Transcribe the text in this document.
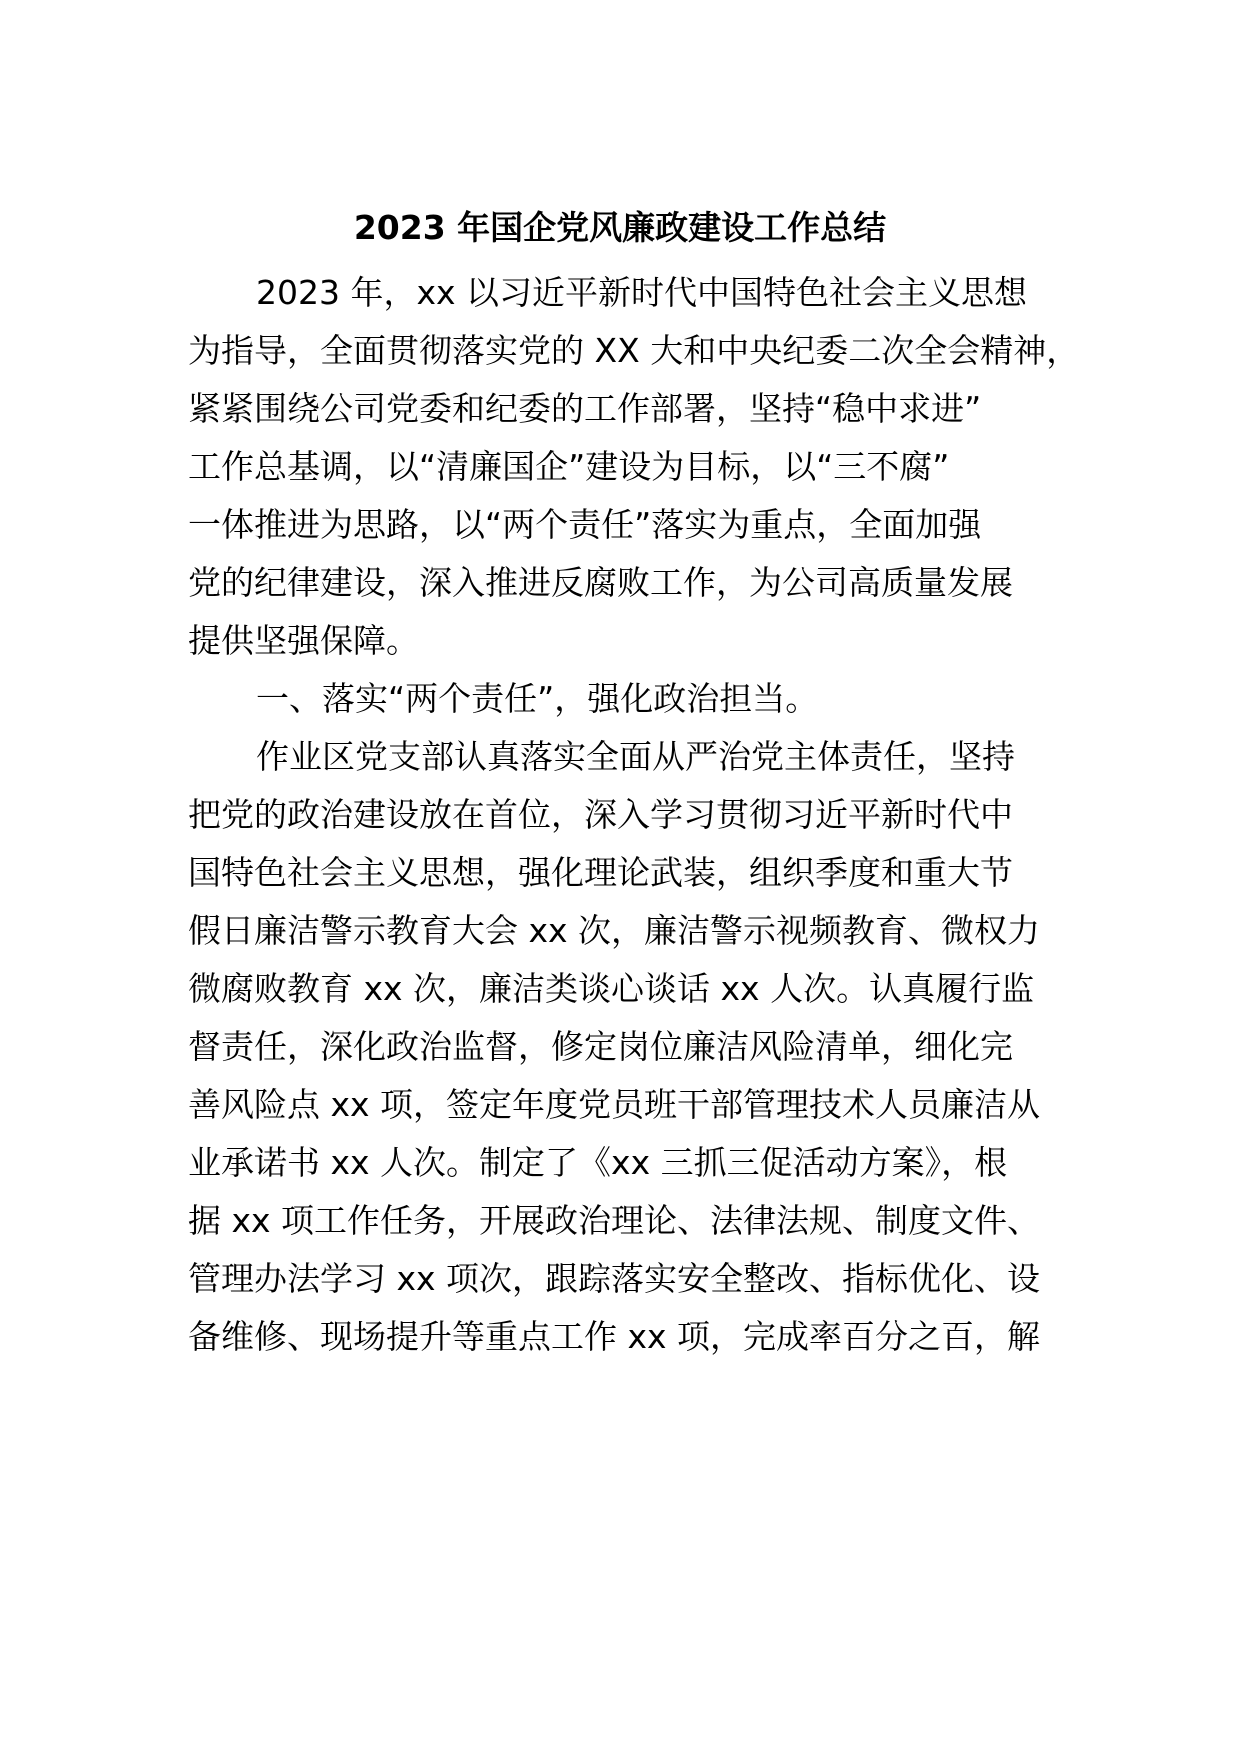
2023 年国企党风廉政建设工作总结

2023 年，xx 以习近平新时代中国特色社会主义思想

为指导，全面贯彻落实党的 XX 大和中央纪委二次全会精神，

紧紧围绕公司党委和纪委的工作部署，坚持“稳中求进”

工作总基调，以“清廉国企”建设为目标，以“三不腐”

一体推进为思路，以“两个责任”落实为重点，全面加强

党的纪律建设，深入推进反腐败工作，为公司高质量发展

提供坚强保障。

一、落实“两个责任”，强化政治担当。

作业区党支部认真落实全面从严治党主体责任，坚持

把党的政治建设放在首位，深入学习贯彻习近平新时代中

国特色社会主义思想，强化理论武装，组织季度和重大节

假日廉洁警示教育大会 xx 次，廉洁警示视频教育、微权力

微腐败教育 xx 次，廉洁类谈心谈话 xx 人次。认真履行监

督责任，深化政治监督，修定岗位廉洁风险清单，细化完

善风险点 xx 项，签定年度党员班干部管理技术人员廉洁从

业承诺书 xx 人次。制定了《xx 三抓三促活动方案》，根

据 xx 项工作任务，开展政治理论、法律法规、制度文件、

管理办法学习 xx 项次，跟踪落实安全整改、指标优化、设

备维修、现场提升等重点工作 xx 项，完成率百分之百，解
